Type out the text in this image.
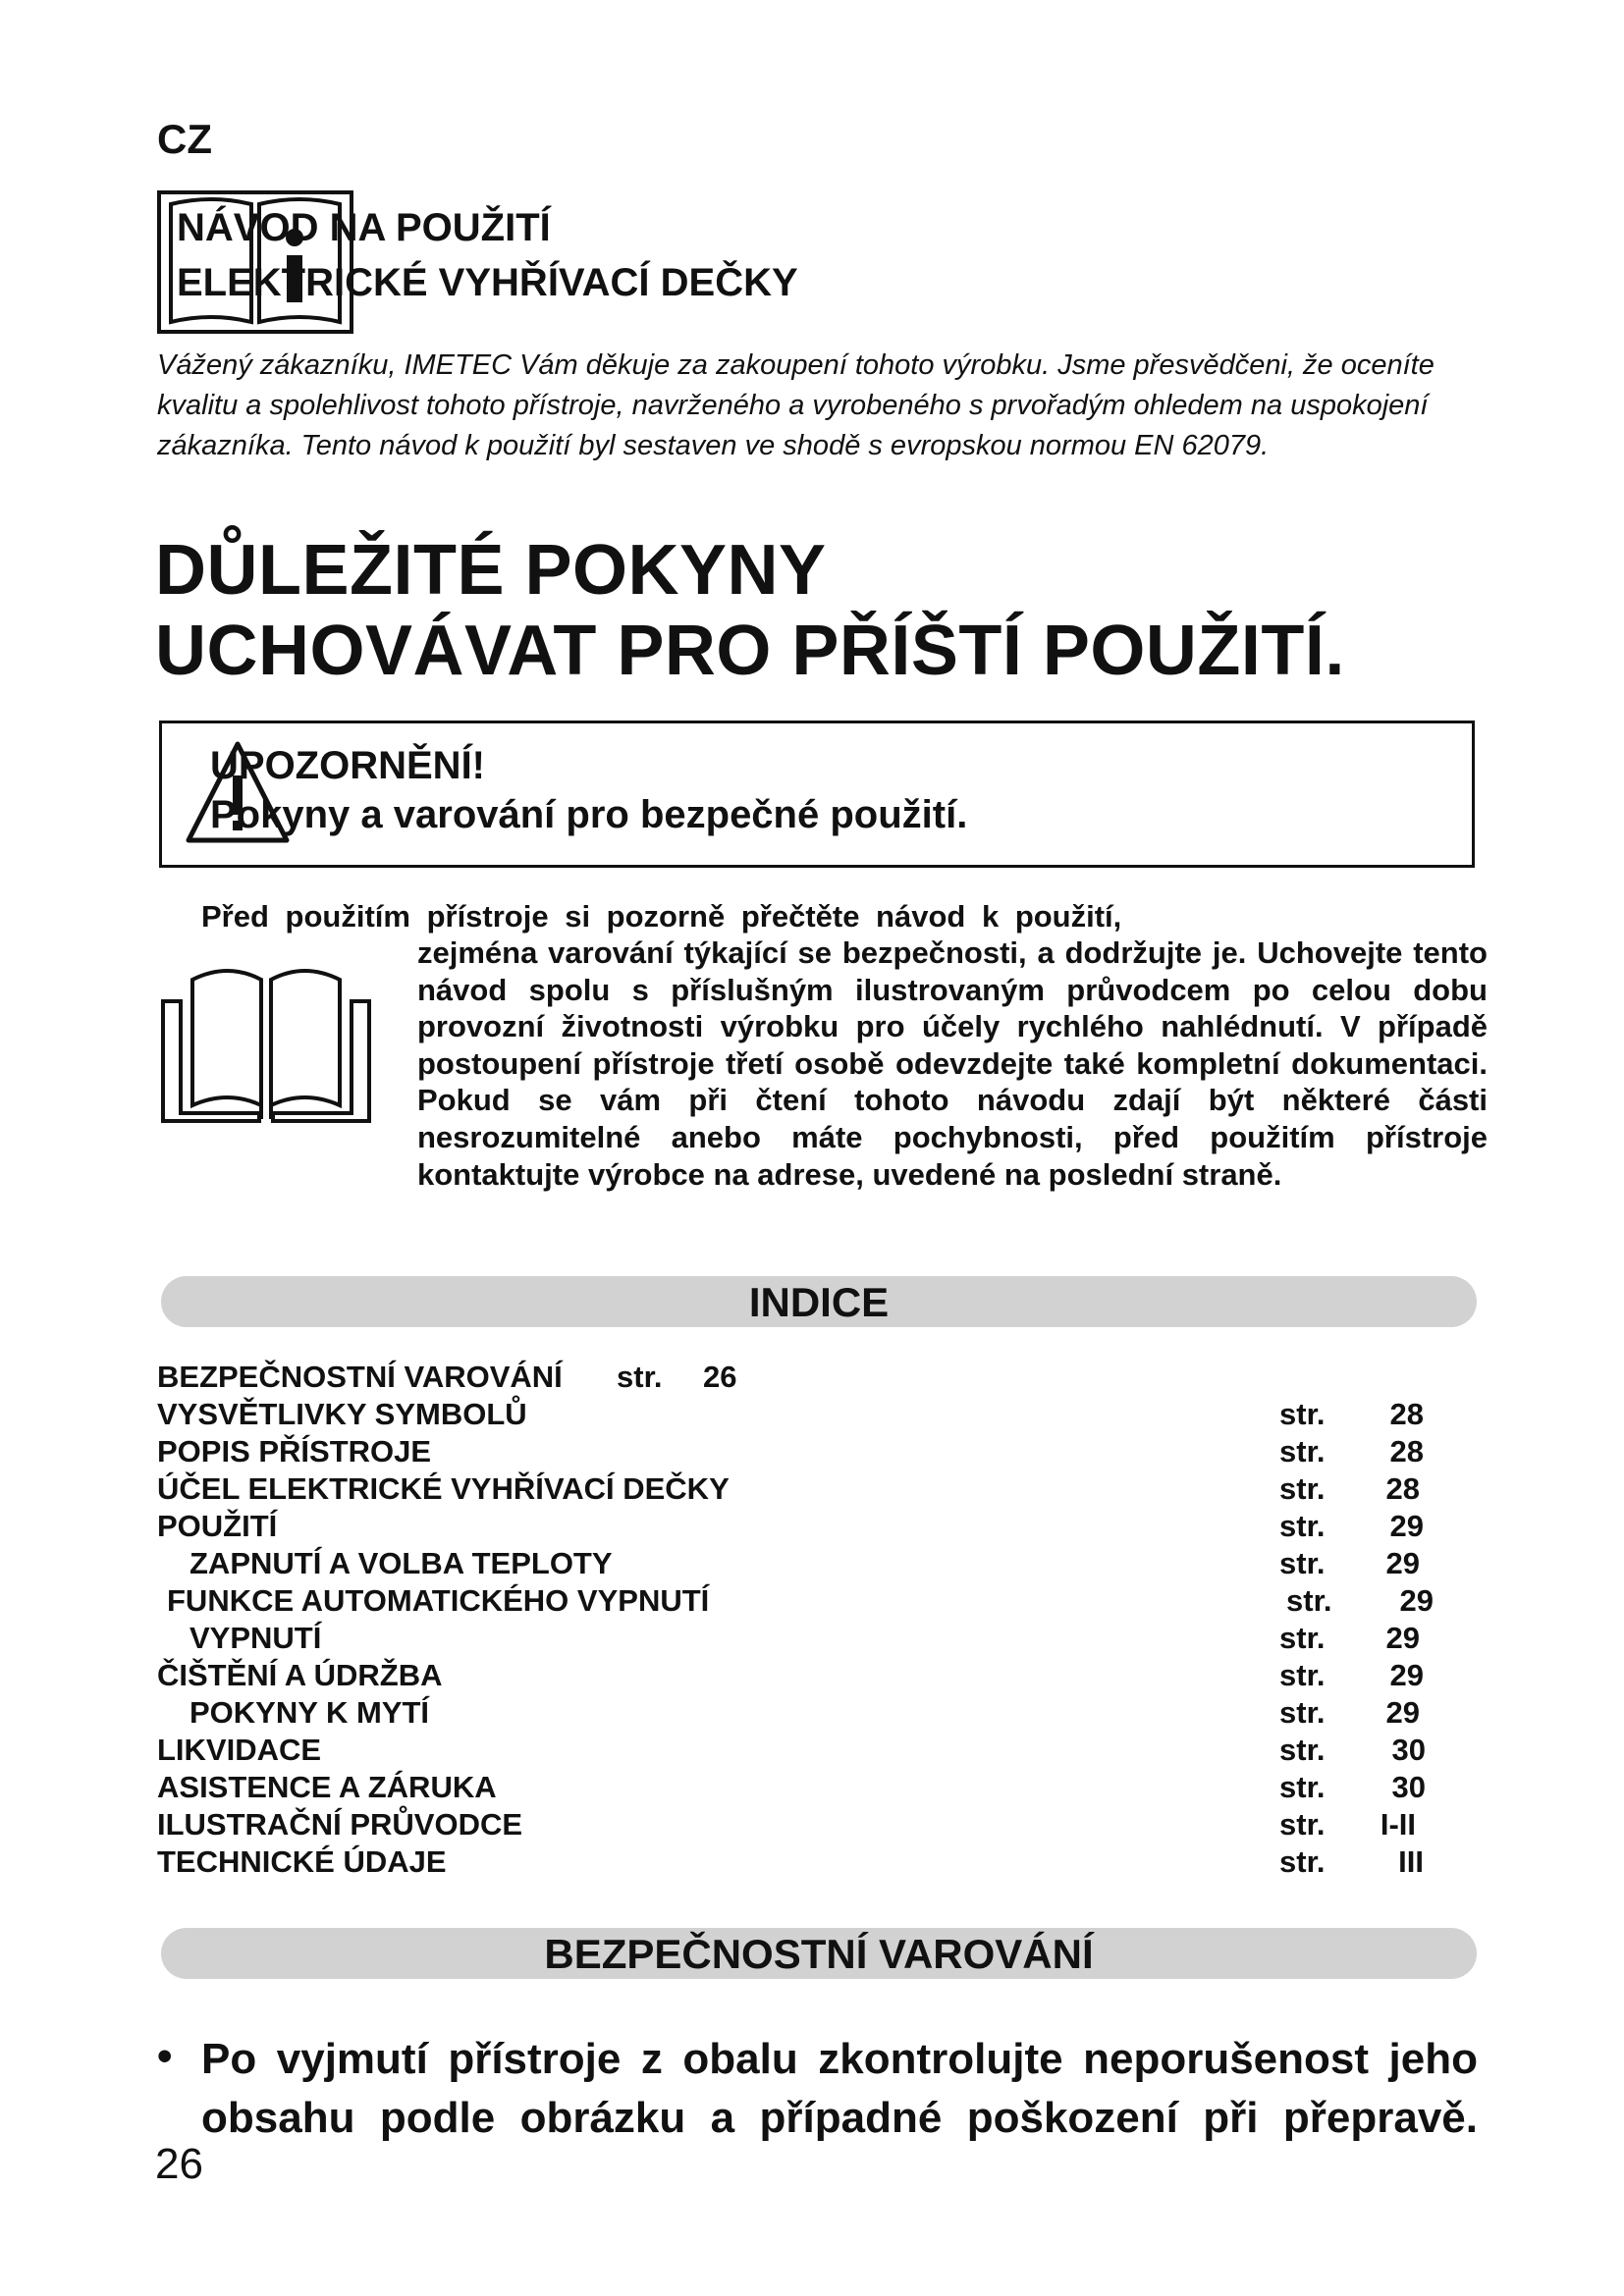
CZ
NÁVOD NA POUŽITÍ
ELEKTRICKÉ VYHŘÍVACÍ DEČKY
Vážený zákazníku, IMETEC Vám děkuje za zakoupení tohoto výrobku. Jsme přesvědčeni, že oceníte kvalitu a spolehlivost tohoto přístroje, navrženého a vyrobeného s prvořadým ohledem na uspokojení zákazníka. Tento návod k použití byl sestaven ve shodě s evropskou normou EN 62079.
DŮLEŽITÉ POKYNY
UCHOVÁVAT PRO PŘÍŠTÍ POUŽITÍ.
UPOZORNĚNÍ!
Pokyny a varování pro bezpečné použití.
Před použitím přístroje si pozorně přečtěte návod k použití,
zejména varování týkající se bezpečnosti, a dodržujte je. Uchovejte tento návod spolu s příslušným ilustrovaným průvodcem po celou dobu provozní životnosti výrobku pro účely rychlého nahlédnutí. V případě postoupení přístroje třetí osobě odevzdejte také kompletní dokumentaci. Pokud se vám při čtení tohoto návodu zdají být některé části nesrozumitelné anebo máte pochybnosti, před použitím přístroje kontaktujte výrobce na adrese, uvedené na poslední straně.
INDICE
BEZPEČNOSTNÍ VAROVÁNÍ str. 26
VYSVĚTLIVKY SYMBOLŮ	str.	28
POPIS PŘÍSTROJE	str.	28
ÚČEL ELEKTRICKÉ VYHŘÍVACÍ DEČKY	str.	28
POUŽITÍ	str.	29
ZAPNUTÍ A VOLBA TEPLOTY	str.	29
FUNKCE AUTOMATICKÉHO VYPNUTÍ	str.	29
VYPNUTÍ	str.	29
ČIŠTĚNÍ A ÚDRŽBA	str.	29
POKYNY K MYTÍ	str.	29
LIKVIDACE	str.	30
ASISTENCE A ZÁRUKA	str.	30
ILUSTRAČNÍ PRŮVODCE	str.	I-II
TECHNICKÉ ÚDAJE	str.	III
BEZPEČNOSTNÍ VAROVÁNÍ
• Po vyjmutí přístroje z obalu zkontrolujte neporušenost jeho obsahu podle obrázku a případné poškození při přepravě.
26
